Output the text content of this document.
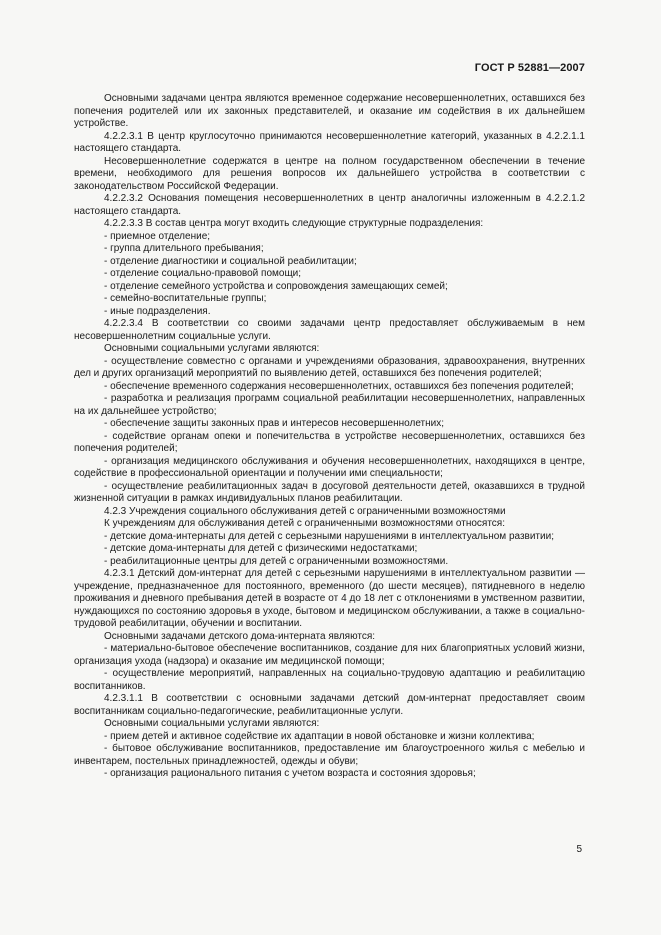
ГОСТ Р 52881—2007

Основными задачами центра являются временное содержание несовершеннолетних, оставшихся без попечения родителей или их законных представителей, и оказание им содействия в их дальнейшем устройстве.

4.2.2.3.1 В центр круглосуточно принимаются несовершеннолетние категорий, указанных в 4.2.2.1.1 настоящего стандарта.

Несовершеннолетние содержатся в центре на полном государственном обеспечении в течение времени, необходимого для решения вопросов их дальнейшего устройства в соответствии с законодательством Российской Федерации.

4.2.2.3.2 Основания помещения несовершеннолетних в центр аналогичны изложенным в 4.2.2.1.2 настоящего стандарта.

4.2.2.3.3 В состав центра могут входить следующие структурные подразделения:

- приемное отделение;

- группа длительного пребывания;

- отделение диагностики и социальной реабилитации;

- отделение социально-правовой помощи;

- отделение семейного устройства и сопровождения замещающих семей;

- семейно-воспитательные группы;

- иные подразделения.

4.2.2.3.4 В соответствии со своими задачами центр предоставляет обслуживаемым в нем несовершеннолетним социальные услуги.

Основными социальными услугами являются:

- осуществление совместно с органами и учреждениями образования, здравоохранения, внутренних дел и других организаций мероприятий по выявлению детей, оставшихся без попечения родителей;

- обеспечение временного содержания несовершеннолетних, оставшихся без попечения родителей;

- разработка и реализация программ социальной реабилитации несовершеннолетних, направленных на их дальнейшее устройство;

- обеспечение защиты законных прав и интересов несовершеннолетних;

- содействие органам опеки и попечительства в устройстве несовершеннолетних, оставшихся без попечения родителей;

- организация медицинского обслуживания и обучения несовершеннолетних, находящихся в центре, содействие в профессиональной ориентации и получении ими специальности;

- осуществление реабилитационных задач в досуговой деятельности детей, оказавшихся в трудной жизненной ситуации в рамках индивидуальных планов реабилитации.

4.2.3 Учреждения социального обслуживания детей с ограниченными возможностями

К учреждениям для обслуживания детей с ограниченными возможностями относятся:

- детские дома-интернаты для детей с серьезными нарушениями в интеллектуальном развитии;

- детские дома-интернаты для детей с физическими недостатками;

- реабилитационные центры для детей с ограниченными возможностями.

4.2.3.1 Детский дом-интернат для детей с серьезными нарушениями в интеллектуальном развитии — учреждение, предназначенное для постоянного, временного (до шести месяцев), пятидневного в неделю проживания и дневного пребывания детей в возрасте от 4 до 18 лет с отклонениями в умственном развитии, нуждающихся по состоянию здоровья в уходе, бытовом и медицинском обслуживании, а также в социально-трудовой реабилитации, обучении и воспитании.

Основными задачами детского дома-интерната являются:

- материально-бытовое обеспечение воспитанников, создание для них благоприятных условий жизни, организация ухода (надзора) и оказание им медицинской помощи;

- осуществление мероприятий, направленных на социально-трудовую адаптацию и реабилитацию воспитанников.

4.2.3.1.1 В соответствии с основными задачами детский дом-интернат предоставляет своим воспитанникам социально-педагогические, реабилитационные услуги.

Основными социальными услугами являются:

- прием детей и активное содействие их адаптации в новой обстановке и жизни коллектива;

- бытовое обслуживание воспитанников, предоставление им благоустроенного жилья с мебелью и инвентарем, постельных принадлежностей, одежды и обуви;

- организация рационального питания с учетом возраста и состояния здоровья;

5
